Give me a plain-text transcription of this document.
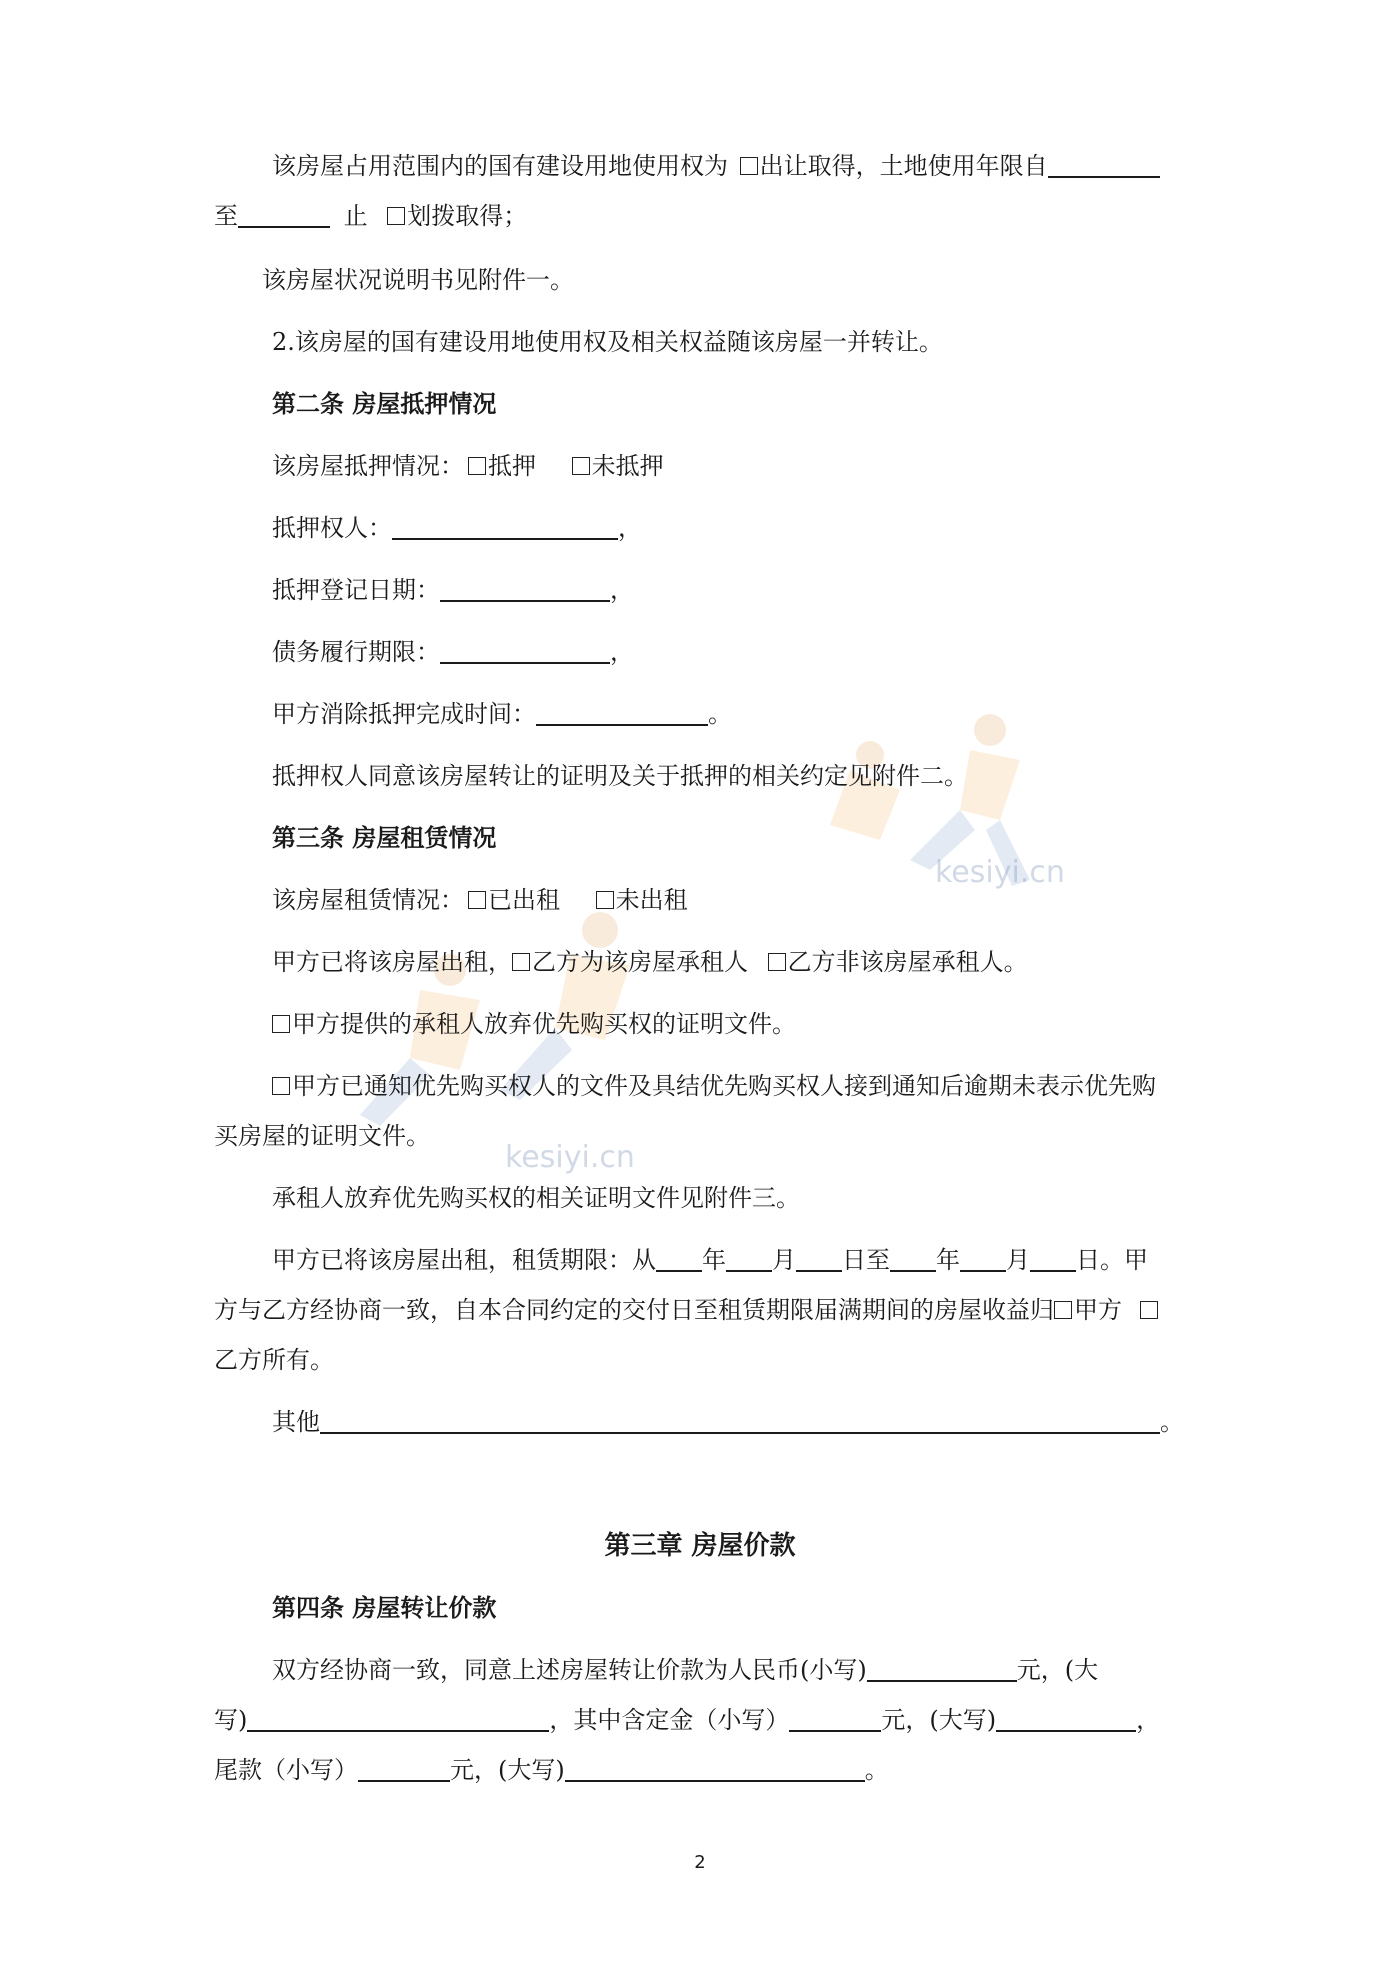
kesiyi.cn
kesiyi.cn
该房屋占用范围内的国有建设用地使用权为 出让取得，土地使用年限自
至	止 划拨取得；
该房屋状况说明书见附件一。
2.该房屋的国有建设用地使用权及相关权益随该房屋一并转让。
第二条 房屋抵押情况
该房屋抵押情况： 抵押 未抵押
抵押权人：	，
抵押登记日期：	，
债务履行期限：	，
甲方消除抵押完成时间：	。
抵押权人同意该房屋转让的证明及关于抵押的相关约定见附件二。
第三条 房屋租赁情况
该房屋租赁情况： 已出租 未出租
甲方已将该房屋出租， 乙方为该房屋承租人 乙方非该房屋承租人。
甲方提供的承租人放弃优先购买权的证明文件。
甲方已通知优先购买权人的文件及具结优先购买权人接到通知后逾期未表示优先购
买房屋的证明文件。
承租人放弃优先购买权的相关证明文件见附件三。
甲方已将该房屋出租，租赁期限：从 年 月 日至 年 月 日。甲
方与乙方经协商一致，自本合同约定的交付日至租赁期限届满期间的房屋收益归 甲方
乙方所有。
其他	。
第三章 房屋价款
第四条 房屋转让价款
双方经协商一致，同意上述房屋转让价款为人民币(小写)	元，(大
写)	，其中含定金（小写）	元，(大写)	，
尾款（小写）	元，(大写)	。
2
